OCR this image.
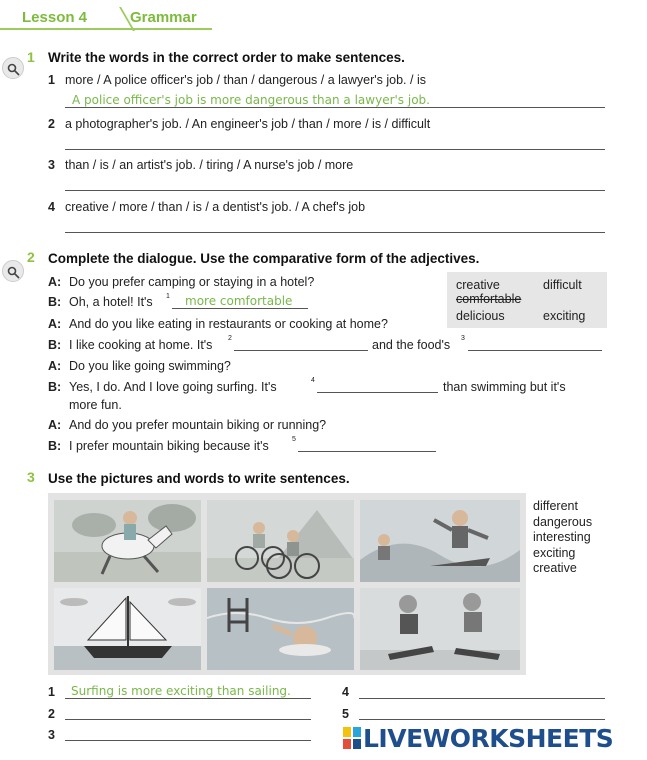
Lesson 4	Grammar
1 Write the words in the correct order to make sentences.
1 more / A police officer's job / than / dangerous / a lawyer's job. / is
A police officer's job is more dangerous than a lawyer's job.
2 a photographer's job. / An engineer's job / than / more / is / difficult
3 than / is / an artist's job. / tiring / A nurse's job / more
4 creative / more / than / is / a dentist's job. / A chef's job
2 Complete the dialogue. Use the comparative form of the adjectives.
creative	difficult
comfortable
delicious	exciting
A: Do you prefer camping or staying in a hotel?
B: Oh, a hotel! It's 1 more comfortable
A: And do you like eating in restaurants or cooking at home?
B: I like cooking at home. It's 2	and the food's 3
A: Do you like going swimming?
B: Yes, I do. And I love going surfing. It's	4	than swimming but it's
more fun.
A: And do you prefer mountain biking or running?
B: I prefer mountain biking because it's	5
3 Use the pictures and words to write sentences.
different
dangerous
interesting
exciting
creative
1 Surfing is more exciting than sailing.
2
3
4
5
LIVEWORKSHEETS
